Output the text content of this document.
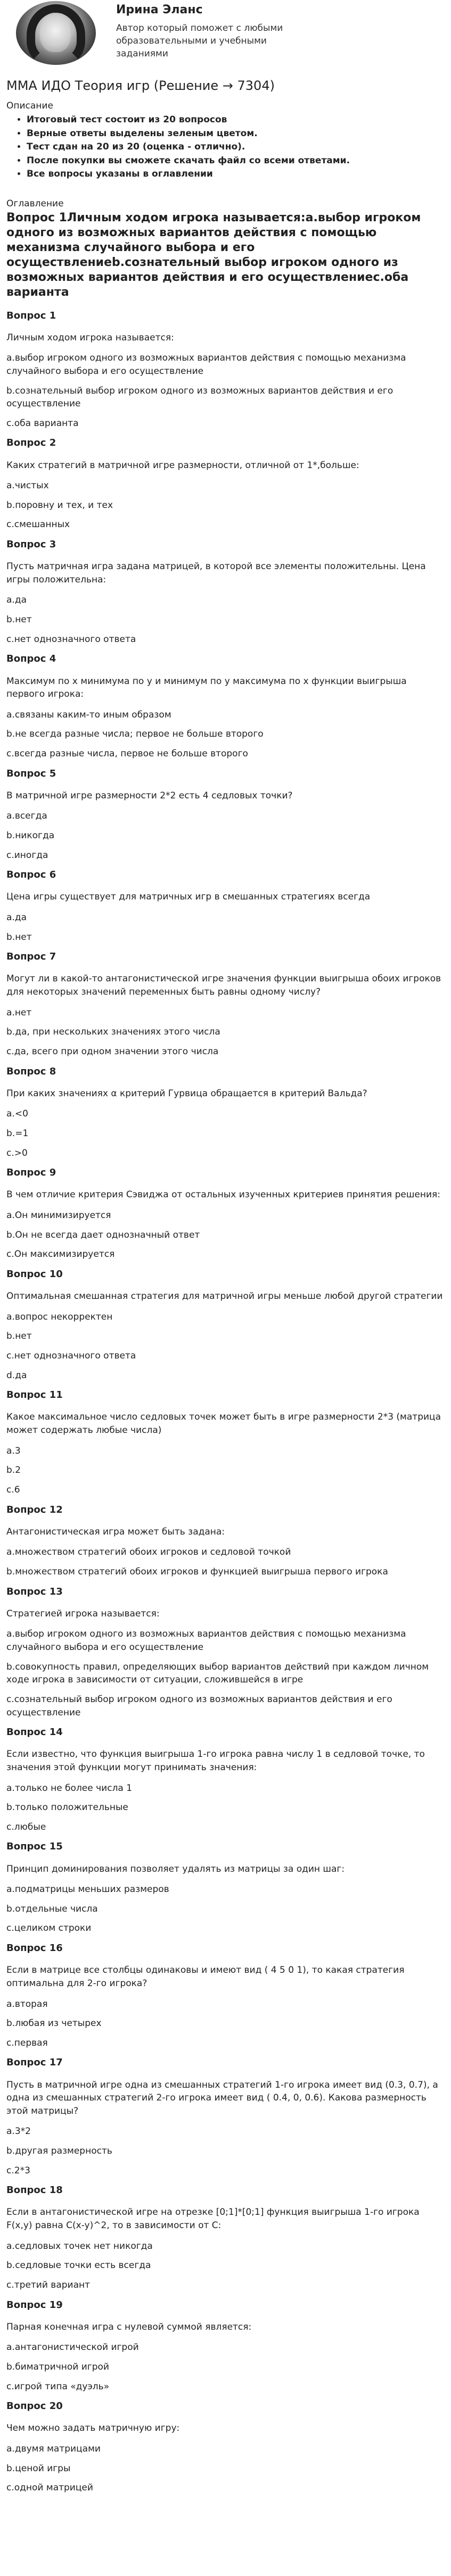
Ирина Эланс
Автор который поможет с любыми образовательными и учебными заданиями
ММА ИДО Теория игр (Решение → 7304)
Описание
• Итоговый тест состоит из 20 вопросов
• Верные ответы выделены зеленым цветом.
• Тест сдан на 20 из 20 (оценка - отлично).
• После покупки вы сможете скачать файл со всеми ответами.
• Все вопросы указаны в оглавлении
Оглавление
Вопрос 1Личным ходом игрока называется:а.выбор игроком одного из возможных вариантов действия с помощью механизма случайного выбора и его осуществлениеb.сознательный выбор игроком одного из возможных вариантов действия и его осуществлениес.оба варианта
Вопрос 1
Личным ходом игрока называется:
a.выбор игроком одного из возможных вариантов действия с помощью механизма случайного выбора и его осуществление
b.сознательный выбор игроком одного из возможных вариантов действия и его осуществление
c.оба варианта
Вопрос 2
Каких стратегий в матричной игре размерности, отличной от 1*,больше:
a.чистых
b.поровну и тех, и тех
c.смешанных
Вопрос 3
Пусть матричная игра задана матрицей, в которой все элементы положительны. Цена игры положительна:
a.да
b.нет
c.нет однозначного ответа
Вопрос 4
Максимум по x минимума по y и минимум по y максимума по x функции выигрыша первого игрока:
a.связаны каким-то иным образом
b.не всегда разные числа; первое не больше второго
c.всегда разные числа, первое не больше второго
Вопрос 5
В матричной игре размерности 2*2 есть 4 седловых точки?
a.всегда
b.никогда
c.иногда
Вопрос 6
Цена игры существует для матричных игр в смешанных стратегиях всегда
a.да
b.нет
Вопрос 7
Могут ли в какой-то антагонистической игре значения функции выигрыша обоих игроков для некоторых значений переменных быть равны одному числу?
a.нет
b.да, при нескольких значениях этого числа
c.да, всего при одном значении этого числа
Вопрос 8
При каких значениях α критерий Гурвица обращается в критерий Вальда?
a.<0
b.=1
c.>0
Вопрос 9
В чем отличие критерия Сэвиджа от остальных изученных критериев принятия решения:
a.Он минимизируется
b.Он не всегда дает однозначный ответ
c.Он максимизируется
Вопрос 10
Оптимальная смешанная стратегия для матричной игры меньше любой другой стратегии
a.вопрос некорректен
b.нет
c.нет однозначного ответа
d.да
Вопрос 11
Какое максимальное число седловых точек может быть в игре размерности 2*3 (матрица может содержать любые числа)
a.3
b.2
c.6
Вопрос 12
Антагонистическая игра может быть задана:
a.множеством стратегий обоих игроков и седловой точкой
b.множеством стратегий обоих игроков и функцией выигрыша первого игрока
Вопрос 13
Стратегией игрока называется:
a.выбор игроком одного из возможных вариантов действия с помощью механизма случайного выбора и его осуществление
b.совокупность правил, определяющих выбор вариантов действий при каждом личном ходе игрока в зависимости от ситуации, сложившейся в игре
c.сознательный выбор игроком одного из возможных вариантов действия и его осуществление
Вопрос 14
Если известно, что функция выигрыша 1-го игрока равна числу 1 в седловой точке, то значения этой функции могут принимать значения:
a.только не более числа 1
b.только положительные
c.любые
Вопрос 15
Принцип доминирования позволяет удалять из матрицы за один шаг:
a.подматрицы меньших размеров
b.отдельные числа
c.целиком строки
Вопрос 16
Если в матрице все столбцы одинаковы и имеют вид ( 4 5 0 1), то какая стратегия оптимальна для 2-го игрока?
a.вторая
b.любая из четырех
c.первая
Вопрос 17
Пусть в матричной игре одна из смешанных стратегий 1-го игрока имеет вид (0.3, 0.7), а одна из смешанных стратегий 2-го игрока имеет вид ( 0.4, 0, 0.6). Какова размерность этой матрицы?
a.3*2
b.другая размерность
c.2*3
Вопрос 18
Если в антагонистической игре на отрезке [0;1]*[0;1] функция выигрыша 1-го игрока F(x,y) равна C(x-y)^2, то в зависимости от C:
a.седловых точек нет никогда
b.седловые точки есть всегда
c.третий вариант
Вопрос 19
Парная конечная игра с нулевой суммой является:
a.антагонистической игрой
b.биматричной игрой
c.игрой типа «дуэль»
Вопрос 20
Чем можно задать матричную игру:
a.двумя матрицами
b.ценой игры
c.одной матрицей
